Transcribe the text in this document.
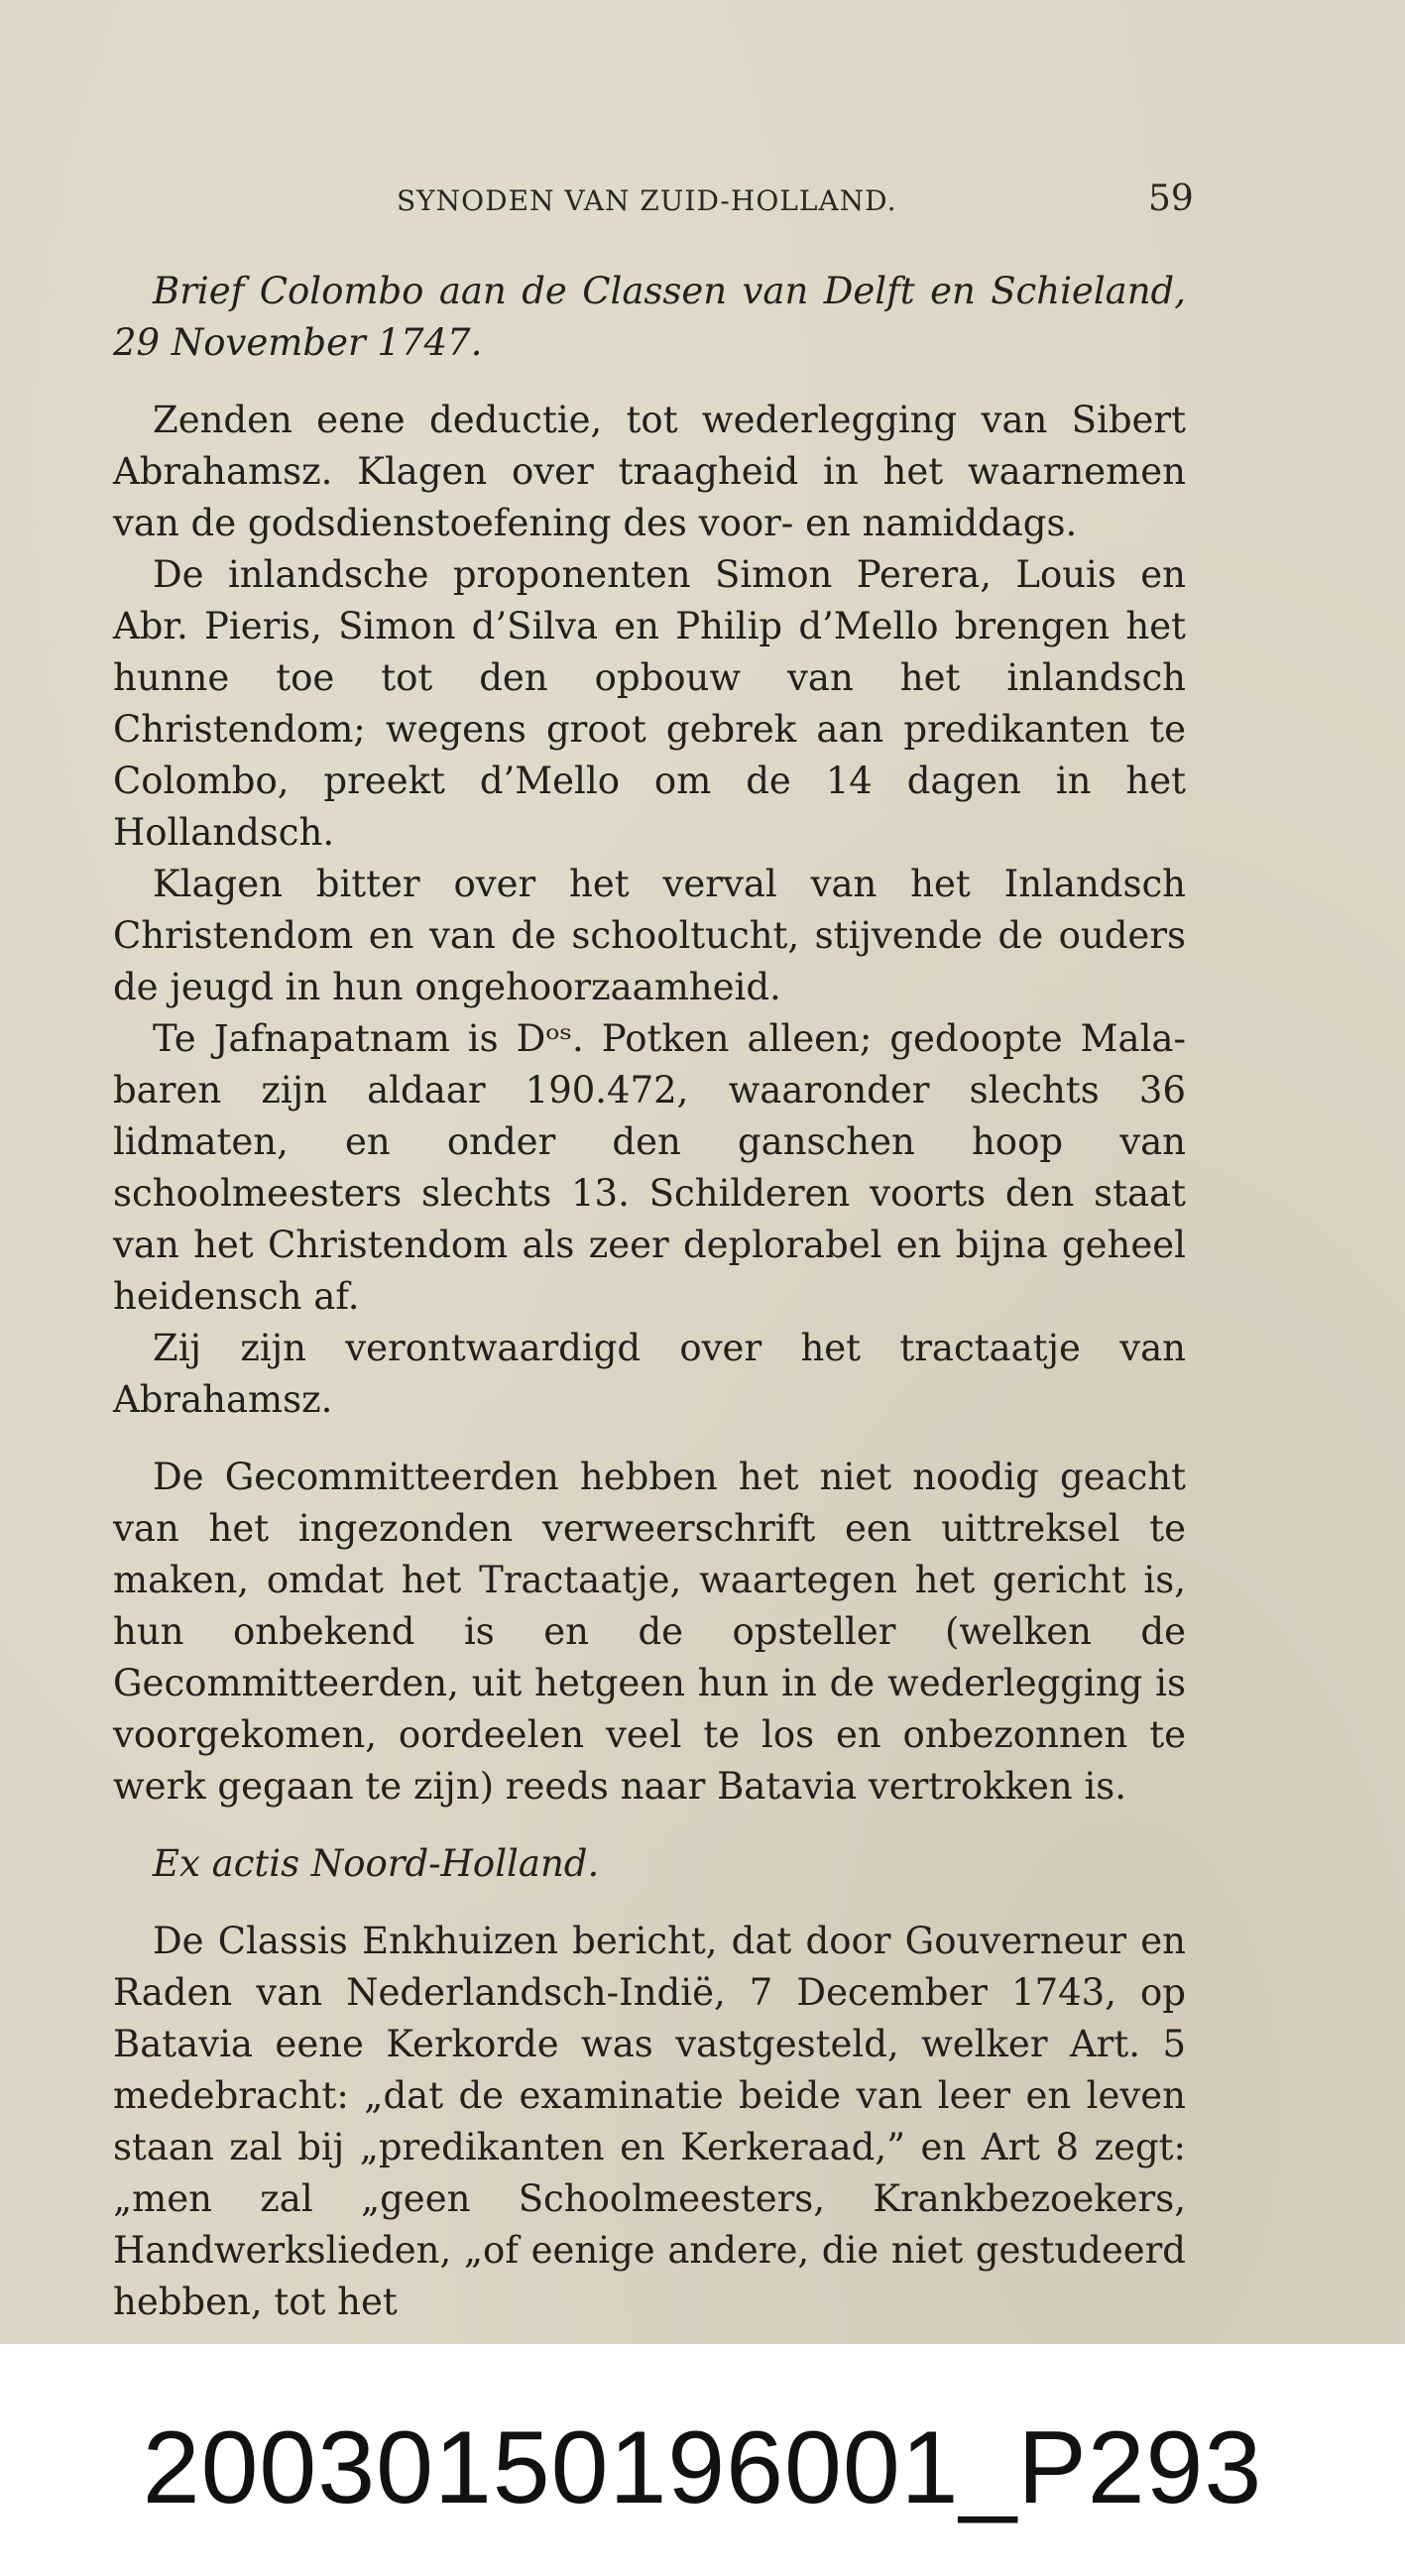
SYNODEN VAN ZUID-HOLLAND.	59

Brief Colombo aan de Classen van Delft en Schieland, 29 November 1747.

Zenden eene deductie, tot wederlegging van Sibert Abrahamsz. Klagen over traagheid in het waarnemen van de godsdienstoefening des voor- en namiddags.

De inlandsche proponenten Simon Perera, Louis en Abr. Pieris, Simon d’Silva en Philip d’Mello brengen het hunne toe tot den opbouw van het inlandsch Christendom; wegens groot gebrek aan predikanten te Colombo, preekt d’Mello om de 14 dagen in het Hollandsch.

Klagen bitter over het verval van het Inlandsch Christendom en van de schooltucht, stijvende de ouders de jeugd in hun ongehoorzaamheid.

Te Jafnapatnam is Dᵒˢ. Potken alleen; gedoopte Malabaren zijn aldaar 190.472, waaronder slechts 36 lidmaten, en onder den ganschen hoop van schoolmeesters slechts 13. Schilderen voorts den staat van het Christendom als zeer deplorabel en bijna geheel heidensch af.

Zij zijn verontwaardigd over het tractaatje van Abrahamsz.

De Gecommitteerden hebben het niet noodig geacht van het ingezonden verweerschrift een uittreksel te maken, omdat het Tractaatje, waartegen het gericht is, hun onbekend is en de opsteller (welken de Gecommitteerden, uit hetgeen hun in de wederlegging is voorgekomen, oordeelen veel te los en onbezonnen te werk gegaan te zijn) reeds naar Batavia vertrokken is.

Ex actis Noord-Holland.

De Classis Enkhuizen bericht, dat door Gouverneur en Raden van Nederlandsch-Indië, 7 December 1743, op Batavia eene Kerkorde was vastgesteld, welker Art. 5 medebracht: „dat de examinatie beide van leer en leven staan zal bij „predikanten en Kerkeraad,” en Art 8 zegt: „men zal „geen Schoolmeesters, Krankbezoekers, Handwerkslieden, „of eenige andere, die niet gestudeerd hebben, tot het

20030150196001_P293
